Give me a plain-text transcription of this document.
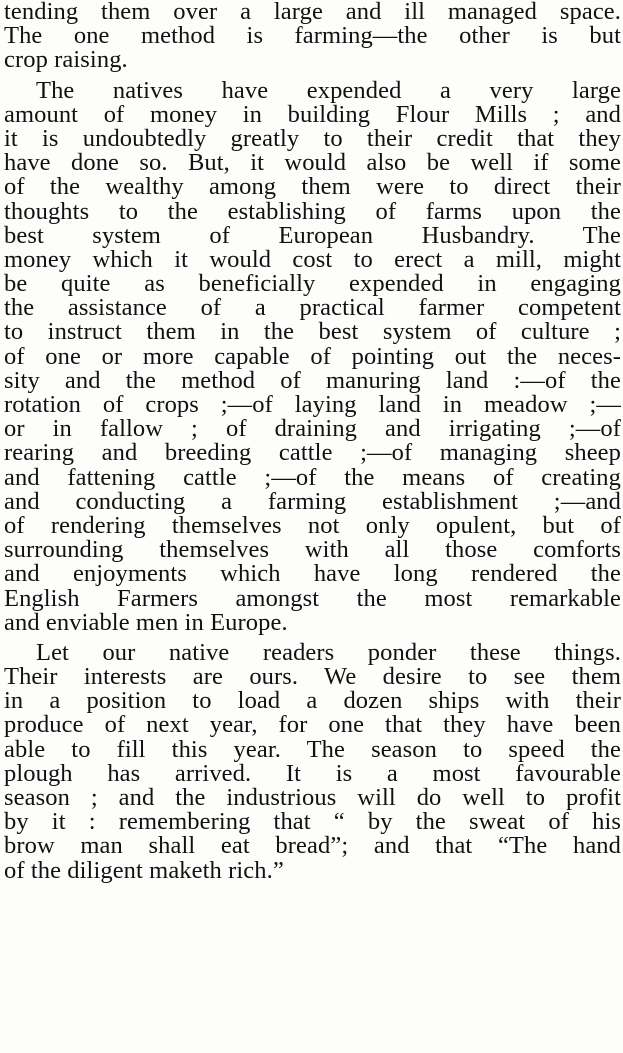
tending them over a large and ill managed space.
The one method is farming—the other is but
crop raising.
The natives have expended a very large
amount of money in building Flour Mills ; and
it is undoubtedly greatly to their credit that they
have done so. But, it would also be well if some
of the wealthy among them were to direct their
thoughts to the establishing of farms upon the
best system of European Husbandry. The
money which it would cost to erect a mill, might
be quite as beneficially expended in engaging
the assistance of a practical farmer competent
to instruct them in the best system of culture ;
of one or more capable of pointing out the neces-
sity and the method of manuring land :—of the
rotation of crops ;—of laying land in meadow ;—
or in fallow ; of draining and irrigating ;—of
rearing and breeding cattle ;—of managing sheep
and fattening cattle ;—of the means of creating
and conducting a farming establishment ;—and
of rendering themselves not only opulent, but of
surrounding themselves with all those comforts
and enjoyments which have long rendered the
English Farmers amongst the most remarkable
and enviable men in Europe.
Let our native readers ponder these things.
Their interests are ours. We desire to see them
in a position to load a dozen ships with their
produce of next year, for one that they have been
able to fill this year. The season to speed the
plough has arrived. It is a most favourable
season ; and the industrious will do well to profit
by it : remembering that “ by the sweat of his
brow man shall eat bread”; and that “The hand
of the diligent maketh rich.”
